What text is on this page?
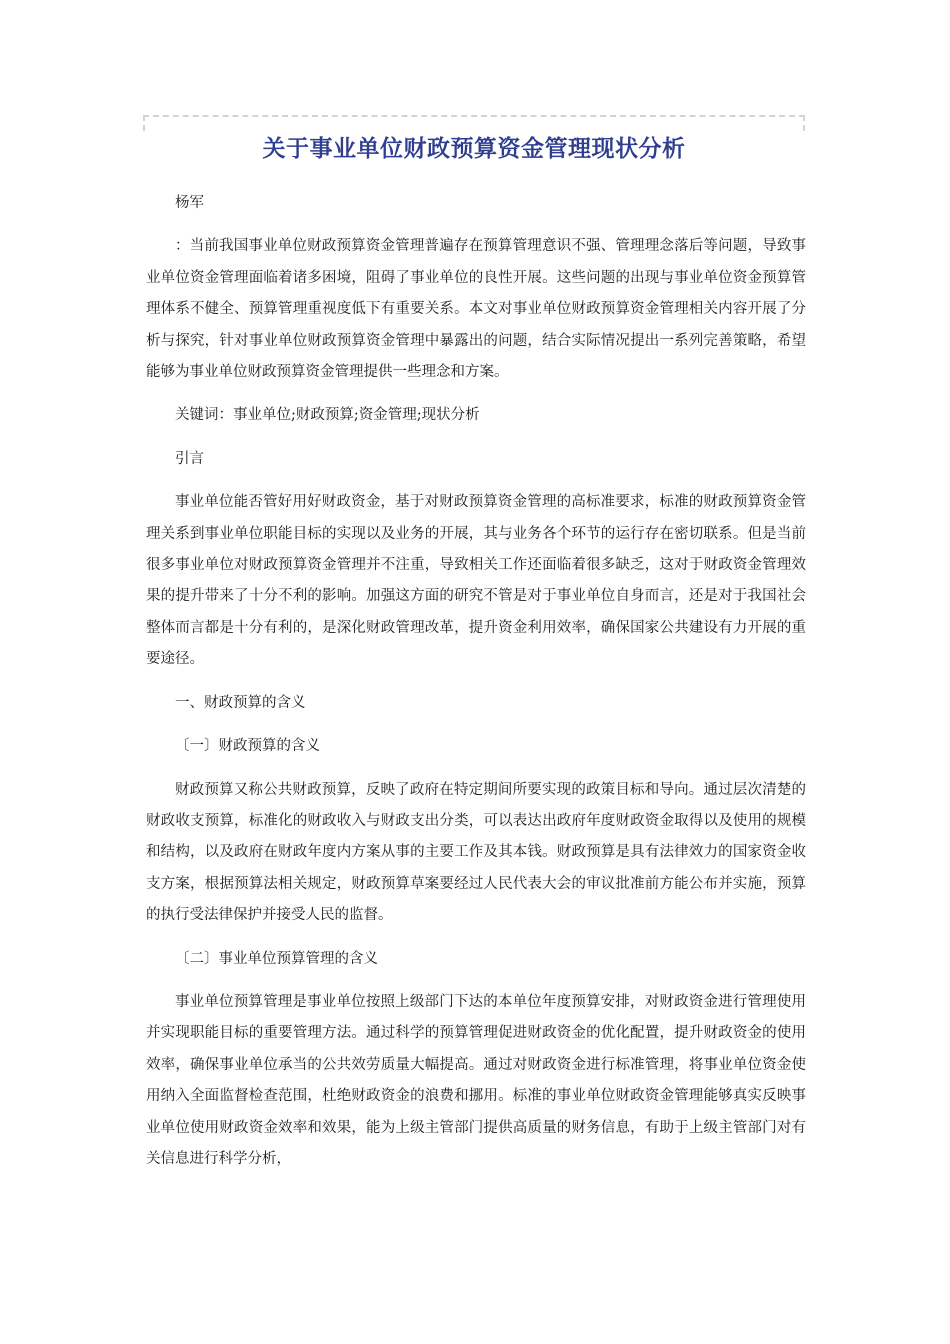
关于事业单位财政预算资金管理现状分析

杨军

：当前我国事业单位财政预算资金管理普遍存在预算管理意识不强、管理理念落后等问题，导致事业单位资金管理面临着诸多困境，阻碍了事业单位的良性开展。这些问题的出现与事业单位资金预算管理体系不健全、预算管理重视度低下有重要关系。本文对事业单位财政预算资金管理相关内容开展了分析与探究，针对事业单位财政预算资金管理中暴露出的问题，结合实际情况提出一系列完善策略，希望能够为事业单位财政预算资金管理提供一些理念和方案。

关键词：事业单位;财政预算;资金管理;现状分析

引言

事业单位能否管好用好财政资金，基于对财政预算资金管理的高标准要求，标准的财政预算资金管理关系到事业单位职能目标的实现以及业务的开展，其与业务各个环节的运行存在密切联系。但是当前很多事业单位对财政预算资金管理并不注重，导致相关工作还面临着很多缺乏，这对于财政资金管理效果的提升带来了十分不利的影响。加强这方面的研究不管是对于事业单位自身而言，还是对于我国社会整体而言都是十分有利的，是深化财政管理改革，提升资金利用效率，确保国家公共建设有力开展的重要途径。

一、财政预算的含义

〔一〕财政预算的含义

财政预算又称公共财政预算，反映了政府在特定期间所要实现的政策目标和导向。通过层次清楚的财政收支预算，标准化的财政收入与财政支出分类，可以表达出政府年度财政资金取得以及使用的规模和结构，以及政府在财政年度内方案从事的主要工作及其本钱。财政预算是具有法律效力的国家资金收支方案，根据预算法相关规定，财政预算草案要经过人民代表大会的审议批准前方能公布并实施，预算的执行受法律保护并接受人民的监督。

〔二〕事业单位预算管理的含义

事业单位预算管理是事业单位按照上级部门下达的本单位年度预算安排，对财政资金进行管理使用并实现职能目标的重要管理方法。通过科学的预算管理促进财政资金的优化配置，提升财政资金的使用效率，确保事业单位承当的公共效劳质量大幅提高。通过对财政资金进行标准管理，将事业单位资金使用纳入全面监督检查范围，杜绝财政资金的浪费和挪用。标准的事业单位财政资金管理能够真实反映事业单位使用财政资金效率和效果，能为上级主管部门提供高质量的财务信息，有助于上级主管部门对有关信息进行科学分析，
